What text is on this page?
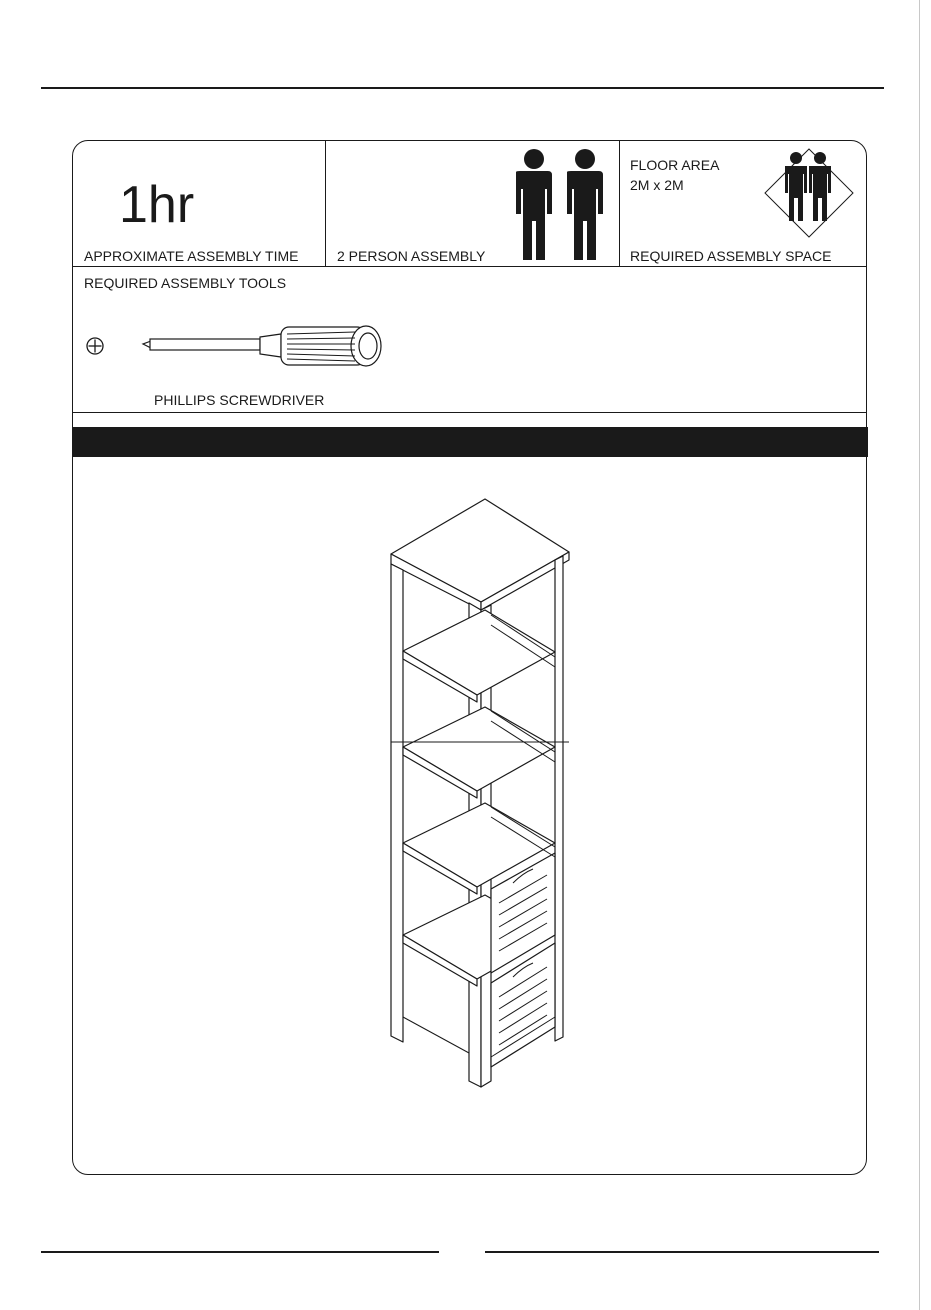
1hr
APPROXIMATE ASSEMBLY TIME	2 PERSON ASSEMBLY
FLOOR AREA
2M x 2M
REQUIRED ASSEMBLY SPACE
REQUIRED ASSEMBLY TOOLS
PHILLIPS SCREWDRIVER
